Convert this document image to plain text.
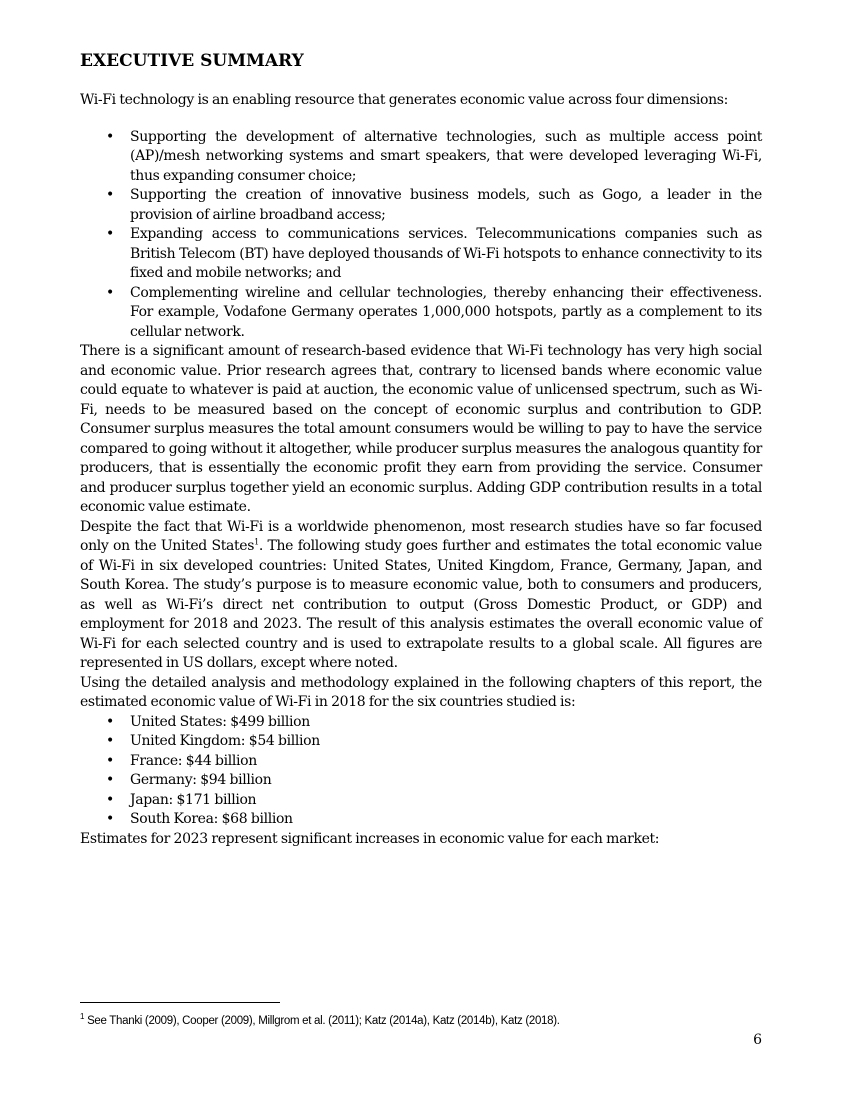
EXECUTIVE SUMMARY

Wi-Fi technology is an enabling resource that generates economic value across four dimensions:

• Supporting the development of alternative technologies, such as multiple access point (AP)/mesh networking systems and smart speakers, that were developed leveraging Wi-Fi, thus expanding consumer choice;
• Supporting the creation of innovative business models, such as Gogo, a leader in the provision of airline broadband access;
• Expanding access to communications services. Telecommunications companies such as British Telecom (BT) have deployed thousands of Wi-Fi hotspots to enhance connectivity to its fixed and mobile networks; and
• Complementing wireline and cellular technologies, thereby enhancing their effectiveness. For example, Vodafone Germany operates 1,000,000 hotspots, partly as a complement to its cellular network.

There is a significant amount of research-based evidence that Wi-Fi technology has very high social and economic value. Prior research agrees that, contrary to licensed bands where economic value could equate to whatever is paid at auction, the economic value of unlicensed spectrum, such as Wi-Fi, needs to be measured based on the concept of economic surplus and contribution to GDP. Consumer surplus measures the total amount consumers would be willing to pay to have the service compared to going without it altogether, while producer surplus measures the analogous quantity for producers, that is essentially the economic profit they earn from providing the service. Consumer and producer surplus together yield an economic surplus. Adding GDP contribution results in a total economic value estimate.

Despite the fact that Wi-Fi is a worldwide phenomenon, most research studies have so far focused only on the United States$^1$. The following study goes further and estimates the total economic value of Wi-Fi in six developed countries: United States, United Kingdom, France, Germany, Japan, and South Korea. The study’s purpose is to measure economic value, both to consumers and producers, as well as Wi-Fi’s direct net contribution to output (Gross Domestic Product, or GDP) and employment for 2018 and 2023. The result of this analysis estimates the overall economic value of Wi-Fi for each selected country and is used to extrapolate results to a global scale. All figures are represented in US dollars, except where noted.

Using the detailed analysis and methodology explained in the following chapters of this report, the estimated economic value of Wi-Fi in 2018 for the six countries studied is:

• United States: $499 billion
• United Kingdom: $54 billion
• France: $44 billion
• Germany: $94 billion
• Japan: $171 billion
• South Korea: $68 billion

Estimates for 2023 represent significant increases in economic value for each market:

$^1$ See Thanki (2009), Cooper (2009), Millgrom et al. (2011); Katz (2014a), Katz (2014b), Katz (2018).
6
